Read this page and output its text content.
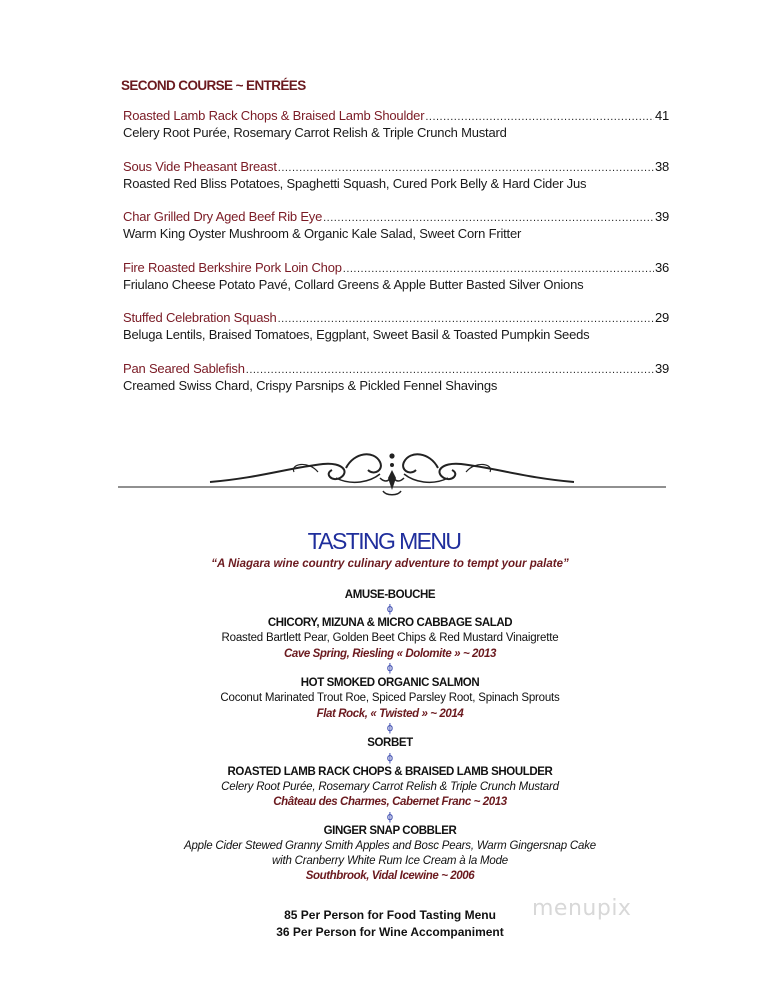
SECOND COURSE ~ ENTRÉES
Roasted Lamb Rack Chops & Braised Lamb Shoulder .....	41
Celery Root Purée, Rosemary Carrot Relish & Triple Crunch Mustard
Sous Vide Pheasant Breast .....	38
Roasted Red Bliss Potatoes, Spaghetti Squash, Cured Pork Belly & Hard Cider Jus
Char Grilled Dry Aged Beef Rib Eye .....	39
Warm King Oyster Mushroom & Organic Kale Salad, Sweet Corn Fritter
Fire Roasted Berkshire Pork Loin Chop .....	36
Friulano Cheese Potato Pavé, Collard Greens & Apple Butter Basted Silver Onions
Stuffed Celebration Squash .....	29
Beluga Lentils, Braised Tomatoes, Eggplant, Sweet Basil & Toasted Pumpkin Seeds
Pan Seared Sablefish .....	39
Creamed Swiss Chard, Crispy Parsnips & Pickled Fennel Shavings
TASTING MENU
“A Niagara wine country culinary adventure to tempt your palate”
AMUSE-BOUCHE
ϕ
CHICORY, MIZUNA & MICRO CABBAGE SALAD
Roasted Bartlett Pear, Golden Beet Chips & Red Mustard Vinaigrette
Cave Spring, Riesling « Dolomite » ~ 2013
ϕ
HOT SMOKED ORGANIC SALMON
Coconut Marinated Trout Roe, Spiced Parsley Root, Spinach Sprouts
Flat Rock, « Twisted » ~ 2014
ϕ
SORBET
ϕ
ROASTED LAMB RACK CHOPS & BRAISED LAMB SHOULDER
Celery Root Purée, Rosemary Carrot Relish & Triple Crunch Mustard
Château des Charmes, Cabernet Franc ~ 2013
ϕ
GINGER SNAP COBBLER
Apple Cider Stewed Granny Smith Apples and Bosc Pears, Warm Gingersnap Cake
with Cranberry White Rum Ice Cream à la Mode
Southbrook, Vidal Icewine ~ 2006
85 Per Person for Food Tasting Menu
36 Per Person for Wine Accompaniment
menupix
